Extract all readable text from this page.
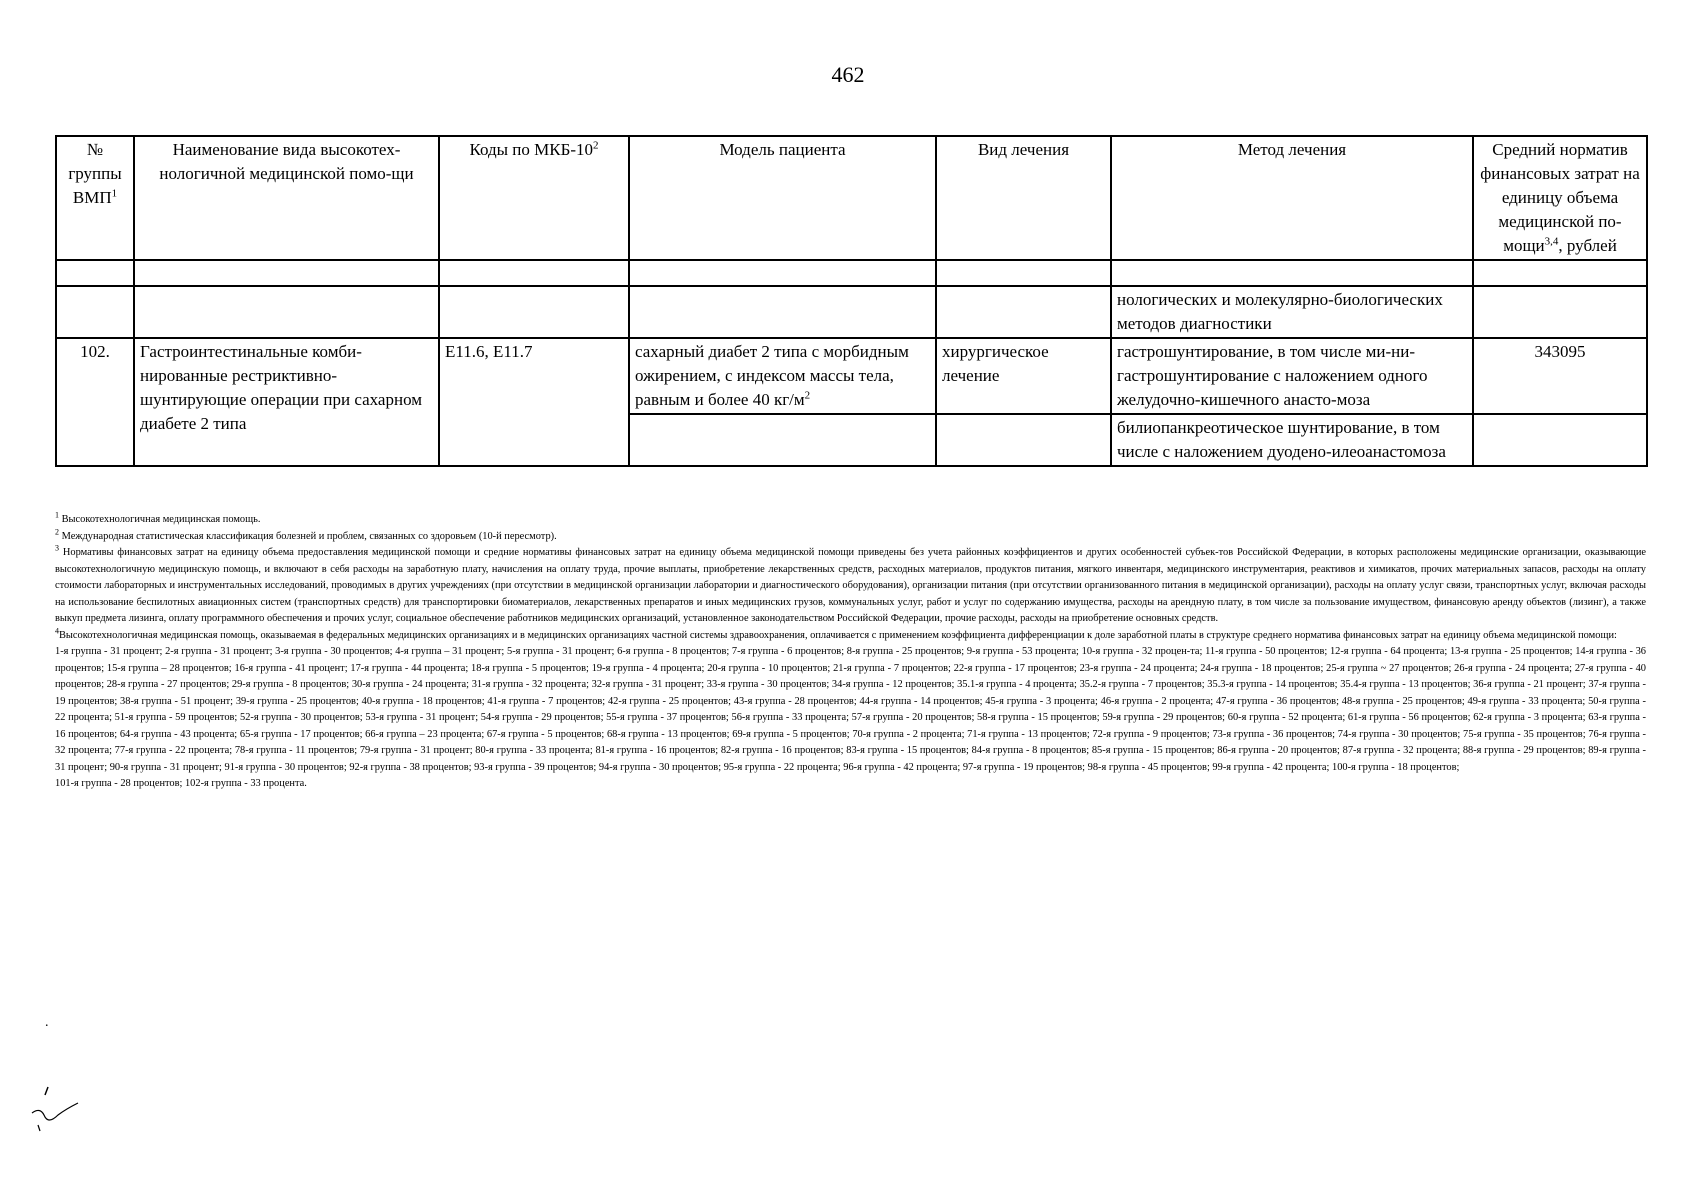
462
№ группы ВМП$^1$	Наименование вида высокотех-нологичной медицинской помо-щи	Коды по МКБ-$10^2$	Модель пациента	Вид лечения	Метод лечения	Средний норматив финансовых затрат на единицу объема медицинской по-мощи$^{3,4}$, рублей

					нологических и молекулярно-биологических методов диагностики	
102.	Гастроинтестинальные комби-нированные рестриктивно-шунтирующие операции при сахарном диабете 2 типа	E11.6, E11.7	сахарный диабет 2 типа с морбидным ожирением, с индексом массы тела, равным и более 40 $кг/м^2$	хирургическое лечение	гастрошунтирование, в том числе ми-ни-гастрошунтирование с наложением одного желудочно-кишечного анасто-моза	343095
					билиопанкреотическое шунтирование, в том числе с наложением дуодено-илеоанастомоза	

$^1$ Высокотехнологичная медицинская помощь.

$^2$ Международная статистическая классификация болезней и проблем, связанных со здоровьем (10-й пересмотр).

$^3$ Нормативы финансовых затрат на единицу объема предоставления медицинской помощи и средние нормативы финансовых затрат на единицу объема медицинской помощи приведены без учета районных коэффициентов и других особенностей субъек-тов Российской Федерации, в которых расположены медицинские организации, оказывающие высокотехнологичную медицинскую помощь, и включают в себя расходы на заработную плату, начисления на оплату труда, прочие выплаты, приобретение лекарственных средств, расходных материалов, продуктов питания, мягкого инвентаря, медицинского инструментария, реактивов и химикатов, прочих материальных запасов, расходы на оплату стоимости лабораторных и инструментальных исследований, проводимых в других учреждениях (при отсутствии в медицинской организации лаборатории и диагностического оборудования), организации питания (при отсутствии организованного питания в медицинской организации), расходы на оплату услуг связи, транспортных услуг, включая расходы на использование беспилотных авиационных систем (транспортных средств) для транспортировки биоматериалов, лекарственных препаратов и иных медицинских грузов, коммунальных услуг, работ и услуг по содержанию имущества, расходы на арендную плату, в том числе за пользование имуществом, финансовую аренду объектов (лизинг), а также выкуп предмета лизинга, оплату программного обеспечения и прочих услуг, социальное обеспечение работников медицинских организаций, установленное законодательством Российской Федерации, прочие расходы, расходы на приобретение основных средств.

$^4$Высокотехнологичная медицинская помощь, оказываемая в федеральных медицинских организациях и в медицинских организациях частной системы здравоохранения, оплачивается с применением коэффициента дифференциации к доле заработной платы в структуре среднего норматива финансовых затрат на единицу объема медицинской помощи:

1-я группа - 31 процент; 2-я группа - 31 процент; 3-я группа - 30 процентов; 4-я группа – 31 процент; 5-я группа - 31 процент; 6-я группа - 8 процентов; 7-я группа - 6 процентов; 8-я группа - 25 процентов; 9-я группа - 53 процента; 10-я группа - 32 процен-та; 11-я группа - 50 процентов; 12-я группа - 64 процента; 13-я группа - 25 процентов; 14-я группа - 36 процентов; 15-я группа – 28 процентов; 16-я группа - 41 процент; 17-я группа - 44 процента; 18-я группа - 5 процентов; 19-я группа - 4 процента; 20-я группа - 10 процентов; 21-я группа - 7 процентов; 22-я группа - 17 процентов; 23-я группа - 24 процента; 24-я группа - 18 процентов; 25-я группа ~ 27 процентов; 26-я группа - 24 процента; 27-я группа - 40 процентов; 28-я группа - 27 процентов; 29-я группа - 8 процентов; 30-я группа - 24 процента; 31-я группа - 32 процента; 32-я группа - 31 процент; 33-я группа - 30 процентов; 34-я группа - 12 процентов; 35.1-я группа - 4 процента; 35.2-я группа - 7 процентов; 35.3-я группа - 14 процентов; 35.4-я группа - 13 процентов; 36-я группа - 21 процент; 37-я группа - 19 процентов; 38-я группа - 51 процент; 39-я группа - 25 процентов; 40-я группа - 18 процентов; 41-я группа - 7 процентов; 42-я группа - 25 процентов; 43-я группа - 28 процентов; 44-я группа - 14 процентов; 45-я группа - 3 процента; 46-я группа - 2 процента; 47-я группа - 36 процентов; 48-я группа - 25 процентов; 49-я группа - 33 процента; 50-я группа - 22 процента; 51-я группа - 59 процентов; 52-я группа - 30 процентов; 53-я группа - 31 процент; 54-я группа - 29 процентов; 55-я группа - 37 процентов; 56-я группа - 33 процента; 57-я группа - 20 процентов; 58-я группа - 15 процентов; 59-я группа - 29 процентов; 60-я группа - 52 процента; 61-я группа - 56 процентов; 62-я группа - 3 процента; 63-я группа - 16 процентов; 64-я группа - 43 процента; 65-я группа - 17 процентов; 66-я группа – 23 процента; 67-я группа - 5 процентов; 68-я группа - 13 процентов; 69-я группа - 5 процентов; 70-я группа - 2 процента; 71-я группа - 13 процентов; 72-я группа - 9 процентов; 73-я группа - 36 процентов; 74-я группа - 30 процентов; 75-я группа - 35 процентов; 76-я группа - 32 процента; 77-я группа - 22 процента; 78-я группа - 11 процентов; 79-я группа - 31 процент; 80-я группа - 33 процента; 81-я группа - 16 процентов; 82-я группа - 16 процентов; 83-я группа - 15 процентов; 84-я группа - 8 процентов; 85-я группа - 15 процентов; 86-я группа - 20 процентов; 87-я группа - 32 процента; 88-я группа - 29 процентов; 89-я группа - 31 процент; 90-я группа - 31 процент; 91-я группа - 30 процентов; 92-я группа - 38 процентов; 93-я группа - 39 процентов; 94-я группа - 30 процентов; 95-я группа - 22 процента; 96-я группа - 42 процента; 97-я группа - 19 процентов; 98-я группа - 45 процентов; 99-я группа - 42 процента; 100-я группа - 18 процентов;

101-я группа - 28 процентов; 102-я группа - 33 процента.

.
